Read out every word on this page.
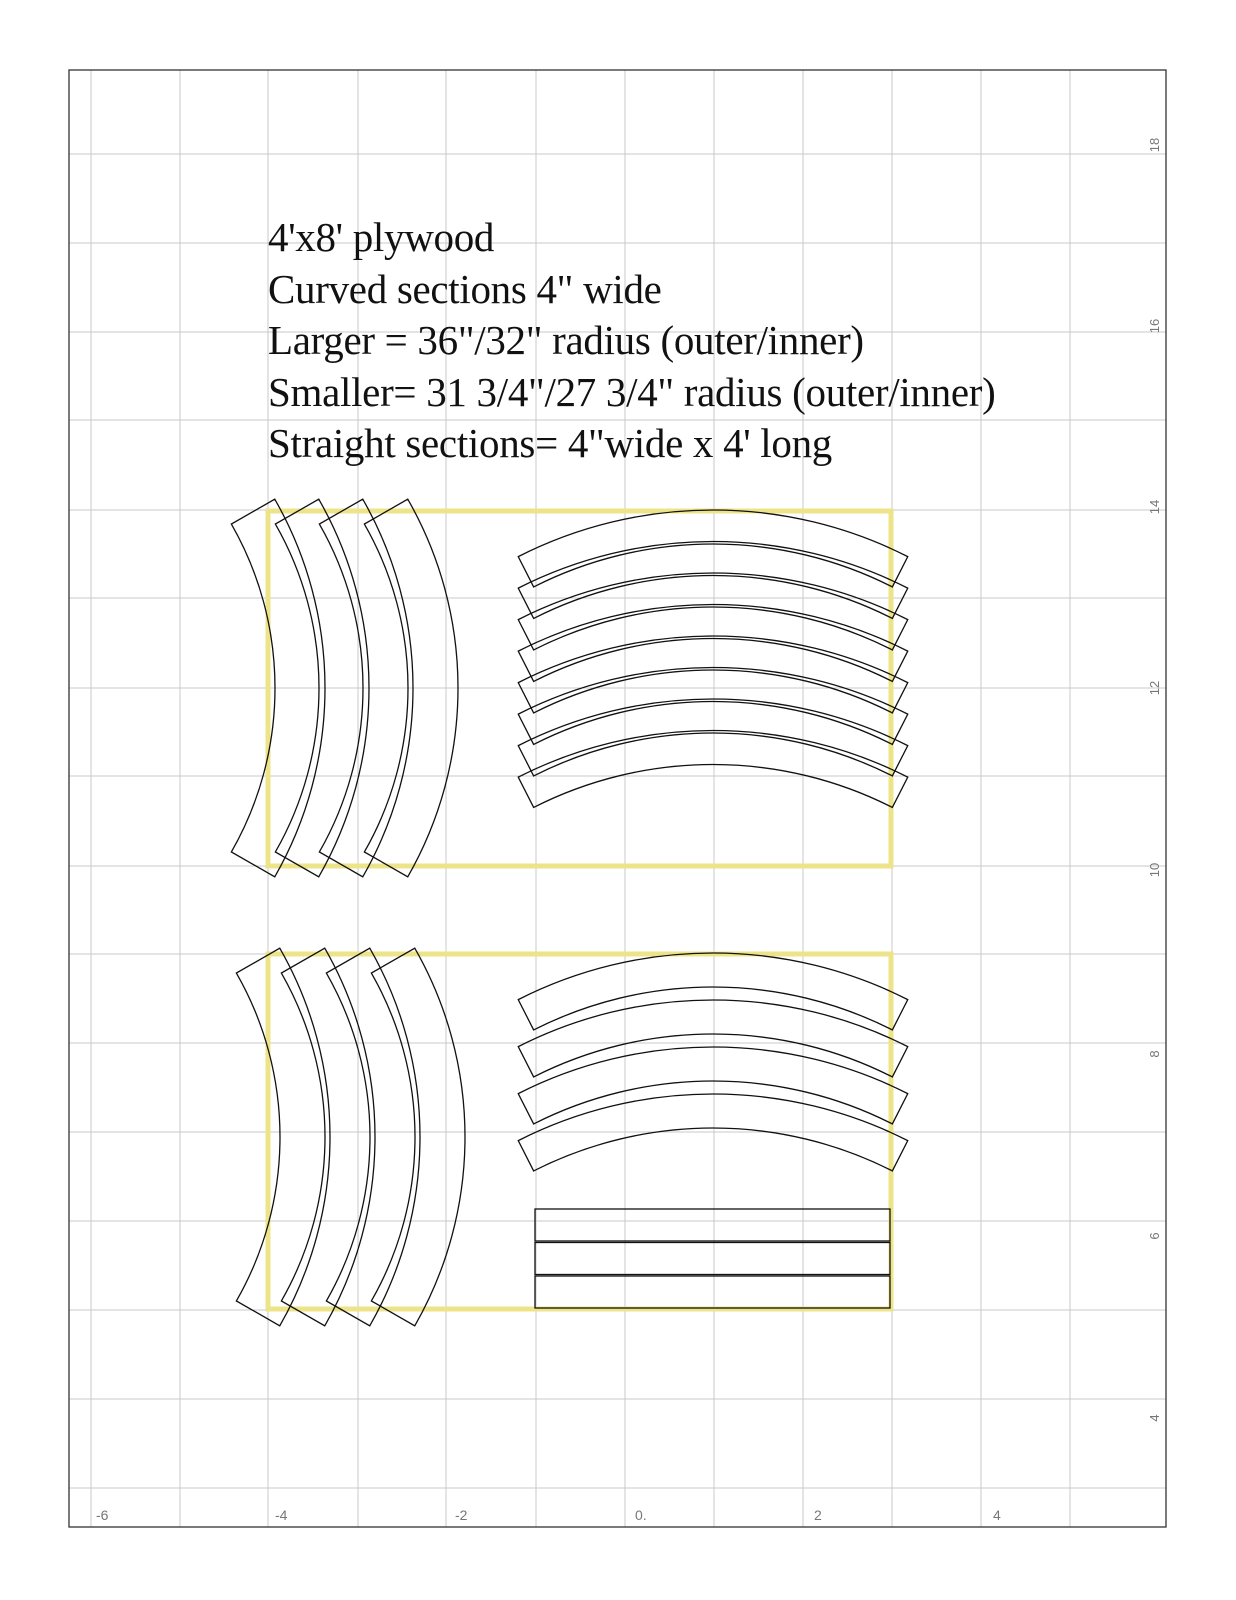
18
16
14
12
10
8
6
4
-6	-4	-2	0.	2	4
4'x8' plywood
Curved sections 4" wide
Larger = 36"/32" radius (outer/inner)
Smaller= 31 3/4"/27 3/4" radius (outer/inner)
Straight sections= 4"wide x 4' long
